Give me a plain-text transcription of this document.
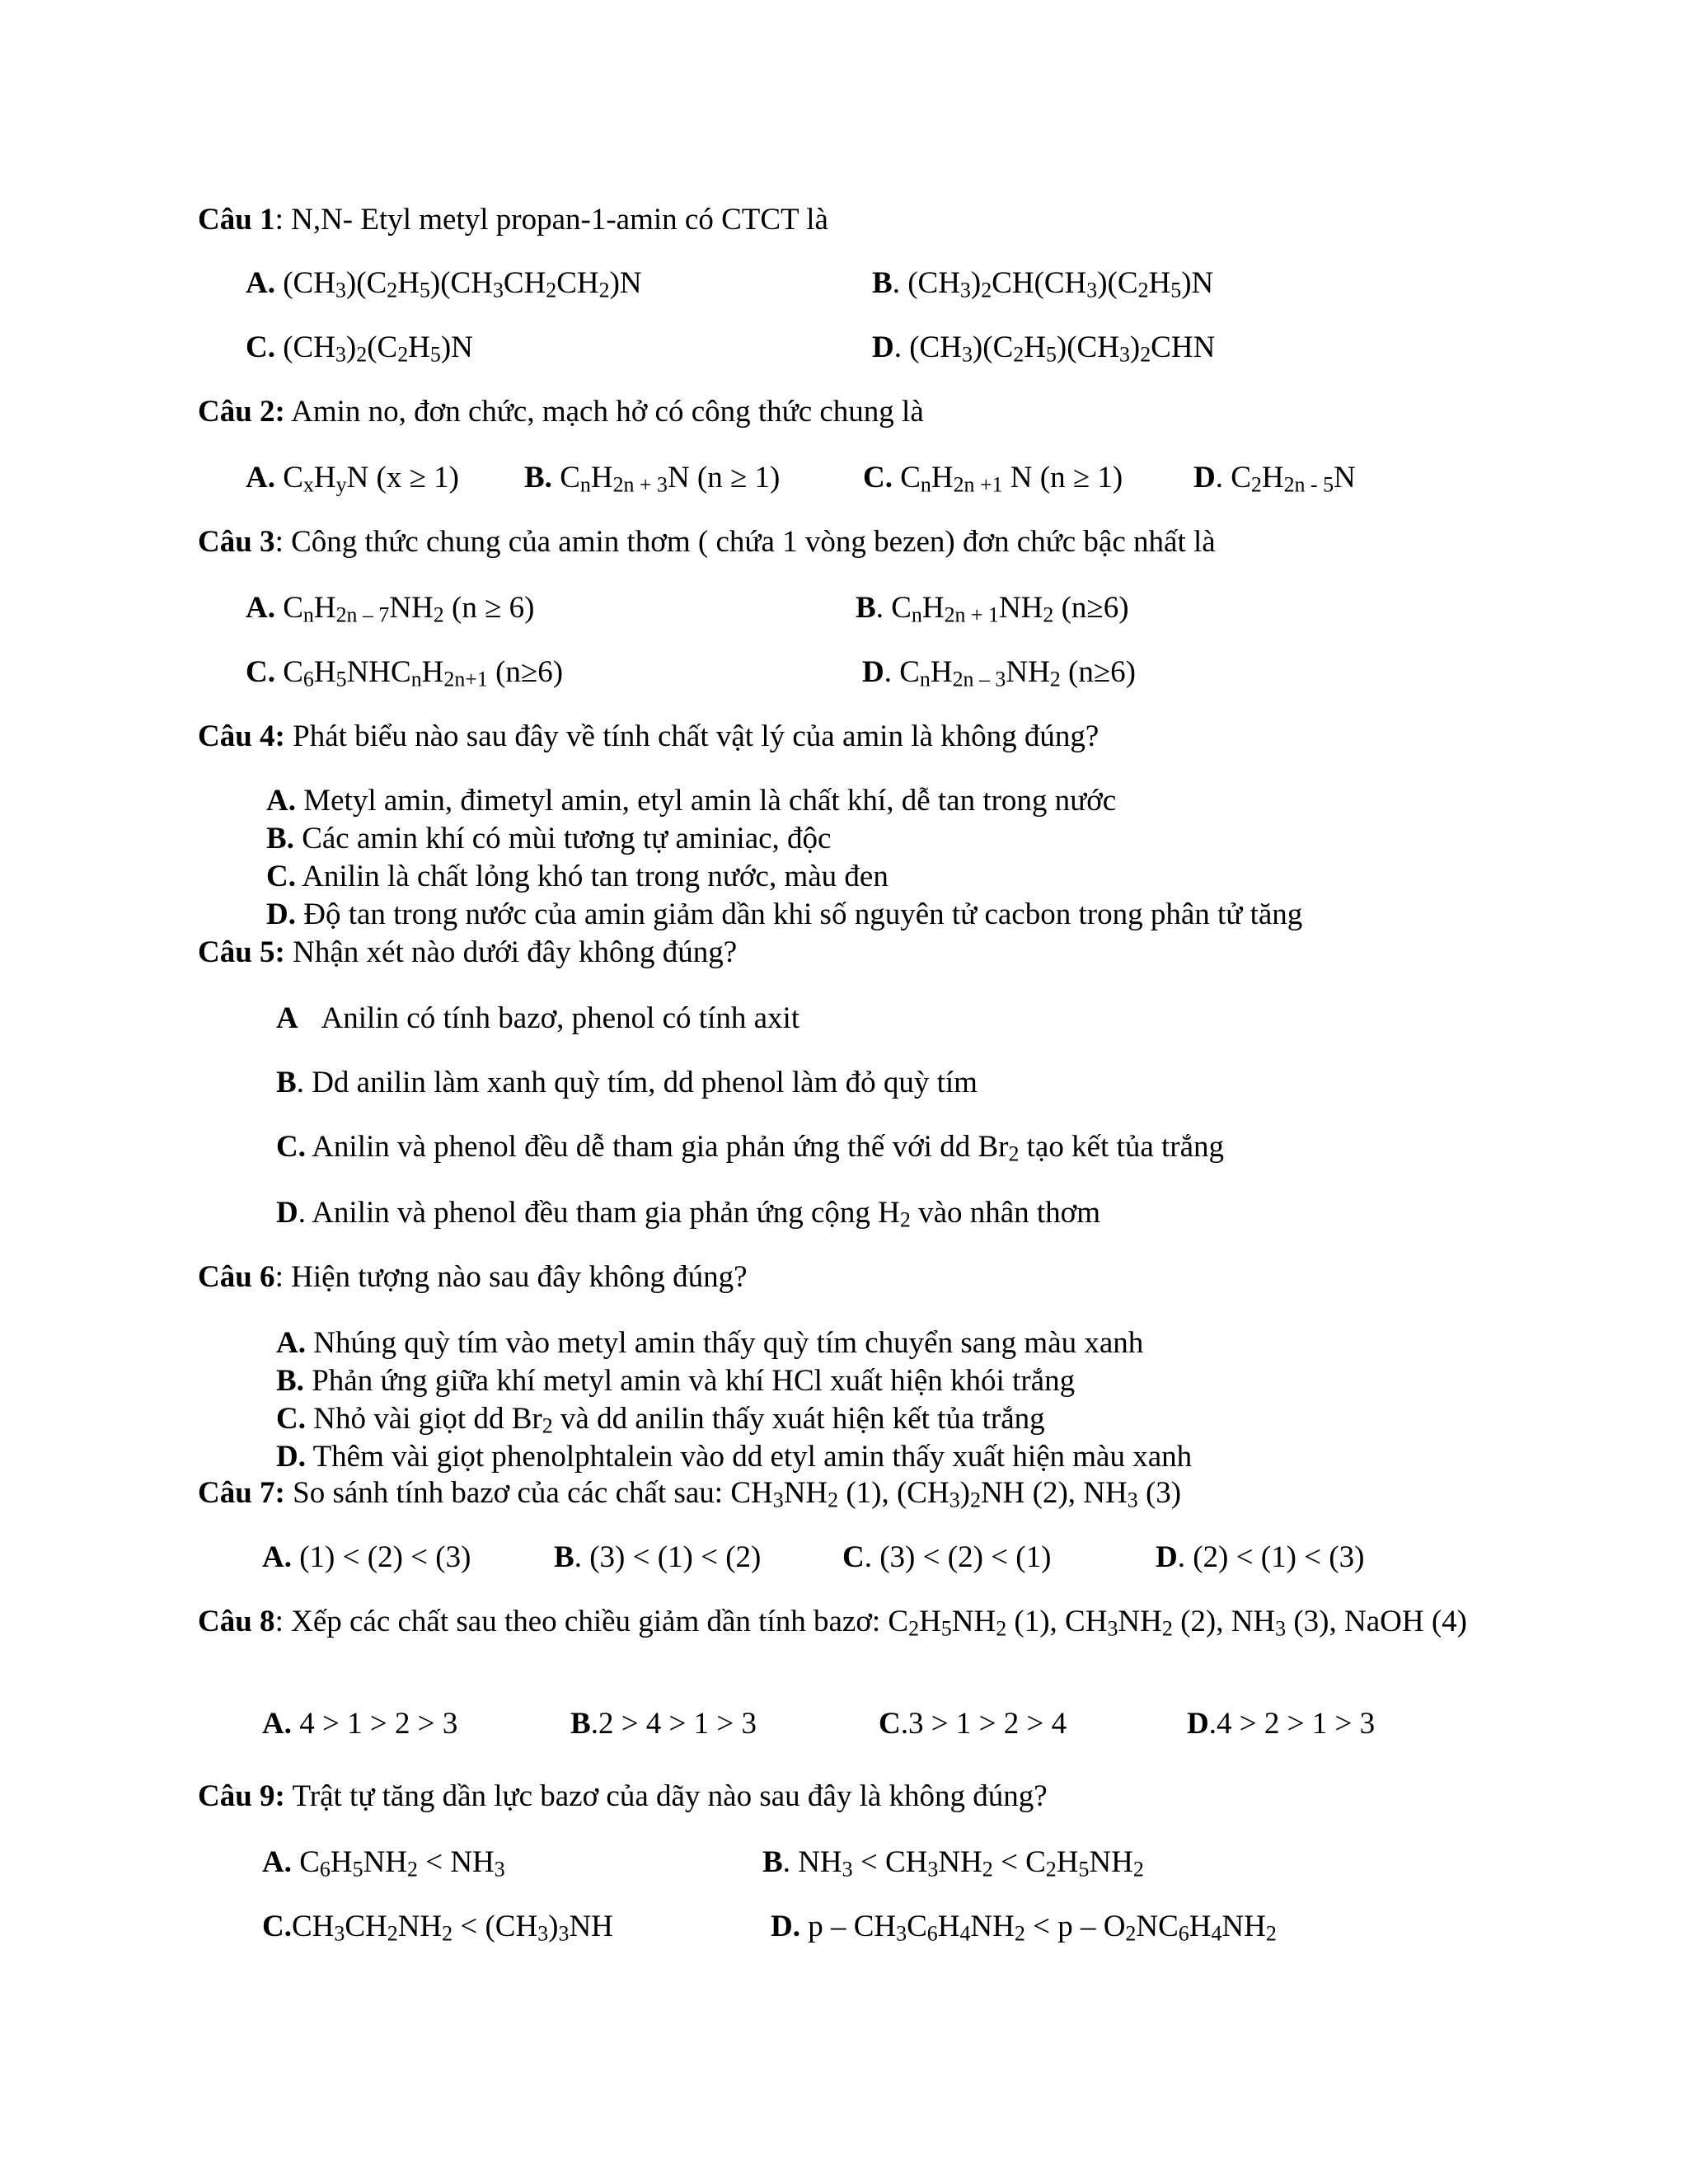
Câu 1: N,N- Etyl metyl propan-1-amin có CTCT là
A. $(CH_3)(C_2H_5)(CH_3CH_2CH_2)N$	B. $(CH_3)_2CH(CH_3)(C_2H_5)N$
C. $(CH_3)_2(C_2H_5)N$	D. $(CH_3)(C_2H_5)(CH_3)_2CHN$
Câu 2: Amin no, đơn chức, mạch hở có công thức chung là
A. $C_xH_yN$ (x ≥ 1) B. $C_nH_{2n + 3}N$ (n ≥ 1)	C. $C_nH_{2n +1}$ N (n ≥ 1) D. $C_2H_{2n - 5}N$
Câu 3: Công thức chung của amin thơm ( chứa 1 vòng bezen) đơn chức bậc nhất là
A. $C_nH_{2n - 7}NH_2$ (n ≥ 6)	B. $C_nH_{2n + 1}NH_2$ (n≥6)
C. $C_6H_5NHC_nH_{2n+1}$ (n≥6)	D. $C_nH_{2n - 3}NH_2$ (n≥6)
Câu 4: Phát biểu nào sau đây về tính chất vật lý của amin là không đúng?
A. Metyl amin, đimetyl amin, etyl amin là chất khí, dễ tan trong nước
B. Các amin khí có mùi tương tự aminiac, độc
C. Anilin là chất lỏng khó tan trong nước, màu đen
D. Độ tan trong nước của amin giảm dần khi số nguyên tử cacbon trong phân tử tăng
Câu 5: Nhận xét nào dưới đây không đúng?
A Anilin có tính bazơ, phenol có tính axit
B. Dd anilin làm xanh quỳ tím, dd phenol làm đỏ quỳ tím
C. Anilin và phenol đều dễ tham gia phản ứng thế với dd $Br_2$ tạo kết tủa trắng
D. Anilin và phenol đều tham gia phản ứng cộng $H_2$ vào nhân thơm
Câu 6: Hiện tượng nào sau đây không đúng?
A. Nhúng quỳ tím vào metyl amin thấy quỳ tím chuyển sang màu xanh
B. Phản ứng giữa khí metyl amin và khí HCl xuất hiện khói trắng
C. Nhỏ vài giọt dd $Br_2$ và dd anilin thấy xuát hiện kết tủa trắng
D. Thêm vài giọt phenolphtalein vào dd etyl amin thấy xuất hiện màu xanh
Câu 7: So sánh tính bazơ của các chất sau: $CH_3NH_2$ (1), $(CH_3)_2NH$ (2), $NH_3$ (3)
A. (1) < (2) < (3)	B. (3) < (1) < (2)	C. (3) < (2) < (1)	D. (2) < (1) < (3)
Câu 8: Xếp các chất sau theo chiều giảm dần tính bazơ: $C_2H_5NH_2$ (1), $CH_3NH_2$ (2), $NH_3$ (3), NaOH (4)
A. 4 > 1 > 2 > 3	B.2 > 4 > 1 > 3	C.3 > 1 > 2 > 4	D.4 > 2 > 1 > 3
Câu 9: Trật tự tăng dần lực bazơ của dãy nào sau đây là không đúng?
A. $C_6H_5NH_2 < NH_3$	B. $NH_3 < CH_3NH_2 < C_2H_5NH_2$
$C.CH_3CH_2NH_2 < (CH_3)_3NH$	D. $p - CH_3C_6H_4NH_2 < p - O_2NC_6H_4NH_2$
